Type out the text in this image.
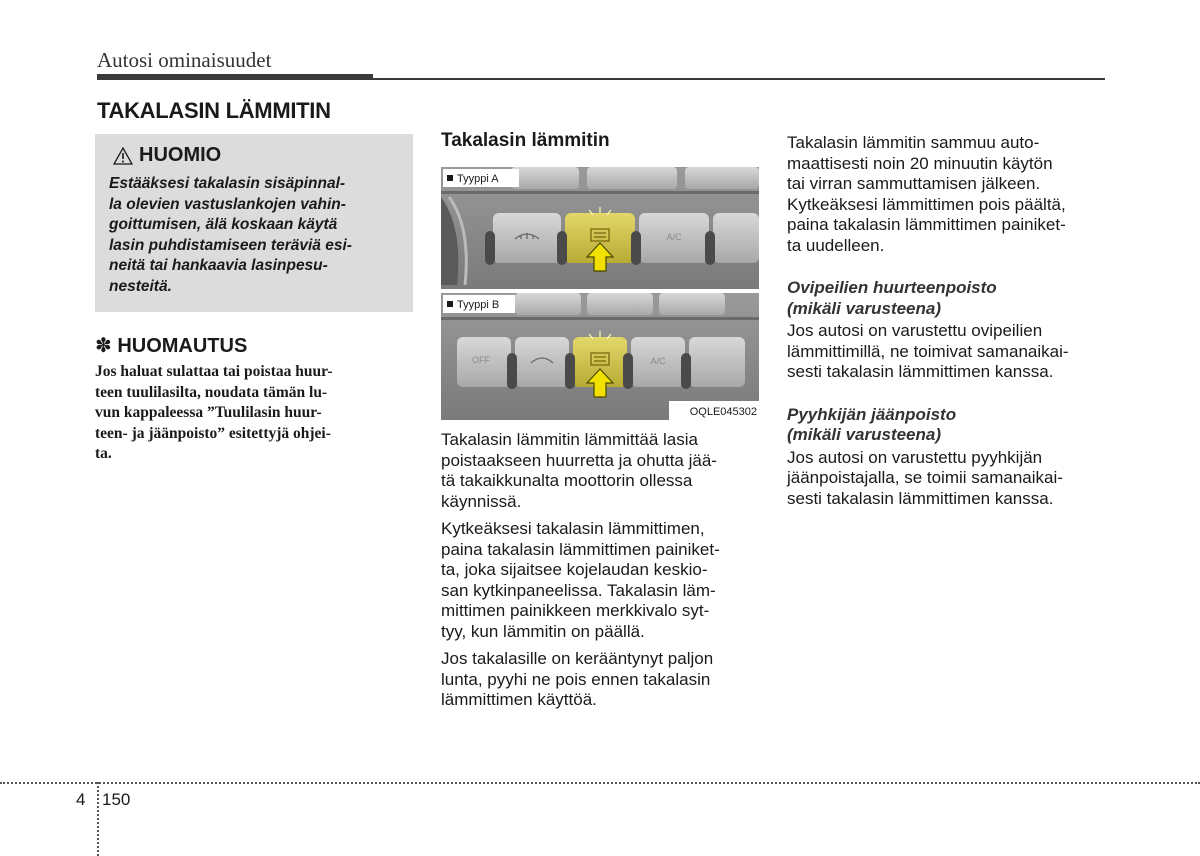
Autosi ominaisuudet
TAKALASIN LÄMMITIN
HUOMIO
Estääksesi takalasin sisäpinnal-
la olevien vastuslankojen vahin-
goittumisen, älä koskaan käytä
lasin puhdistamiseen teräviä esi-
neitä tai hankaavia lasinpesu-
nesteitä.
✽ HUOMAUTUS
Jos haluat sulattaa tai poistaa huur-
teen tuulilasilta, noudata tämän lu-
vun kappaleessa ”Tuulilasin huur-
teen- ja jäänpoisto” esitettyjä ohjei-
ta.
Takalasin lämmitin
A/C
Tyyppi A
OFF	A/C
Tyyppi B
OQLE045302

Takalasin lämmitin lämmittää lasia
poistaakseen huurretta ja ohutta jää-
tä takaikkunalta moottorin ollessa
käynnissä.

Kytkeäksesi takalasin lämmittimen,
paina takalasin lämmittimen painiket-
ta, joka sijaitsee kojelaudan keskio-
san kytkinpaneelissa. Takalasin läm-
mittimen painikkeen merkkivalo syt-
tyy, kun lämmitin on päällä.

Jos takalasille on kerääntynyt paljon
lunta, pyyhi ne pois ennen takalasin
lämmittimen käyttöä.

Takalasin lämmitin sammuu auto-
maattisesti noin 20 minuutin käytön
tai virran sammuttamisen jälkeen.
Kytkeäksesi lämmittimen pois päältä,
paina takalasin lämmittimen painiket-
ta uudelleen.

Ovipeilien huurteenpoisto
(mikäli varusteena)

Jos autosi on varustettu ovipeilien
lämmittimillä, ne toimivat samanaikai-
sesti takalasin lämmittimen kanssa.

Pyyhkijän jäänpoisto
(mikäli varusteena)

Jos autosi on varustettu pyyhkijän
jäänpoistajalla, se toimii samanaikai-
sesti takalasin lämmittimen kanssa.

4 150
